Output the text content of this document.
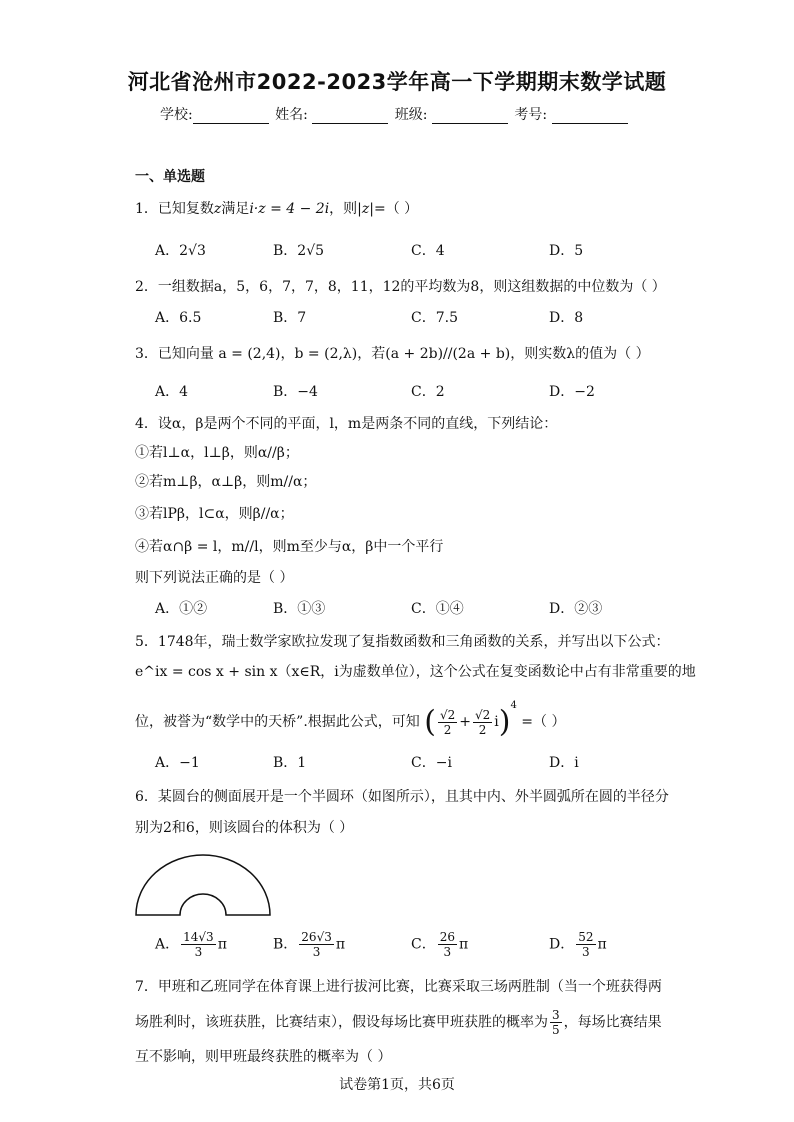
河北省沧州市2022-2023学年高一下学期期末数学试题
学校:	姓名:	班级:	考号:
一、单选题
1．已知复数z满足i·z = 4 − 2i，则|z|=（ ）
A．2√3	B．2√5	C．4	D．5
2．一组数据a，5，6，7，7，8，11，12的平均数为8，则这组数据的中位数为（ ）
A．6.5	B．7	C．7.5	D．8
3．已知向量 a = (2,4)，b = (2,λ)，若(a + 2b)//(2a + b)，则实数λ的值为（ ）
A．4	B．−4	C．2	D．−2
4．设α，β是两个不同的平面，l，m是两条不同的直线，下列结论：
①若l⊥α，l⊥β，则α//β；
②若m⊥β，α⊥β，则m//α；
③若lPβ，l⊂α，则β//α；
④若α∩β = l，m//l，则m至少与α，β中一个平行
则下列说法正确的是（ ）
A．①②	B．①③	C．①④	D．②③
5．1748年，瑞士数学家欧拉发现了复指数函数和三角函数的关系，并写出以下公式：
e^ix = cos x + sin x（x∈R，i为虚数单位），这个公式在复变函数论中占有非常重要的地
位，被誉为“数学中的天桥”.根据此公式，可知 ( $\frac{√2}{2} + \frac{√2}{2} i)^4$ =（ ）
A．−1	B．1	C．−i	D．i
6．某圆台的侧面展开是一个半圆环（如图所示），且其中内、外半圆弧所在圆的半径分
别为2和6，则该圆台的体积为（ ）
A． $\frac{14√3}{3}$ π	B． $\frac{26√3}{3}$ π	C． $\frac{26}{3}$ π	D． $\frac{52}{3}$ π
7．甲班和乙班同学在体育课上进行拔河比赛，比赛采取三场两胜制（当一个班获得两
场胜利时，该班获胜，比赛结束），假设每场比赛甲班获胜的概率为 $\frac{3}{5}$ ，每场比赛结果
互不影响，则甲班最终获胜的概率为（ ）
试卷第1页，共6页
